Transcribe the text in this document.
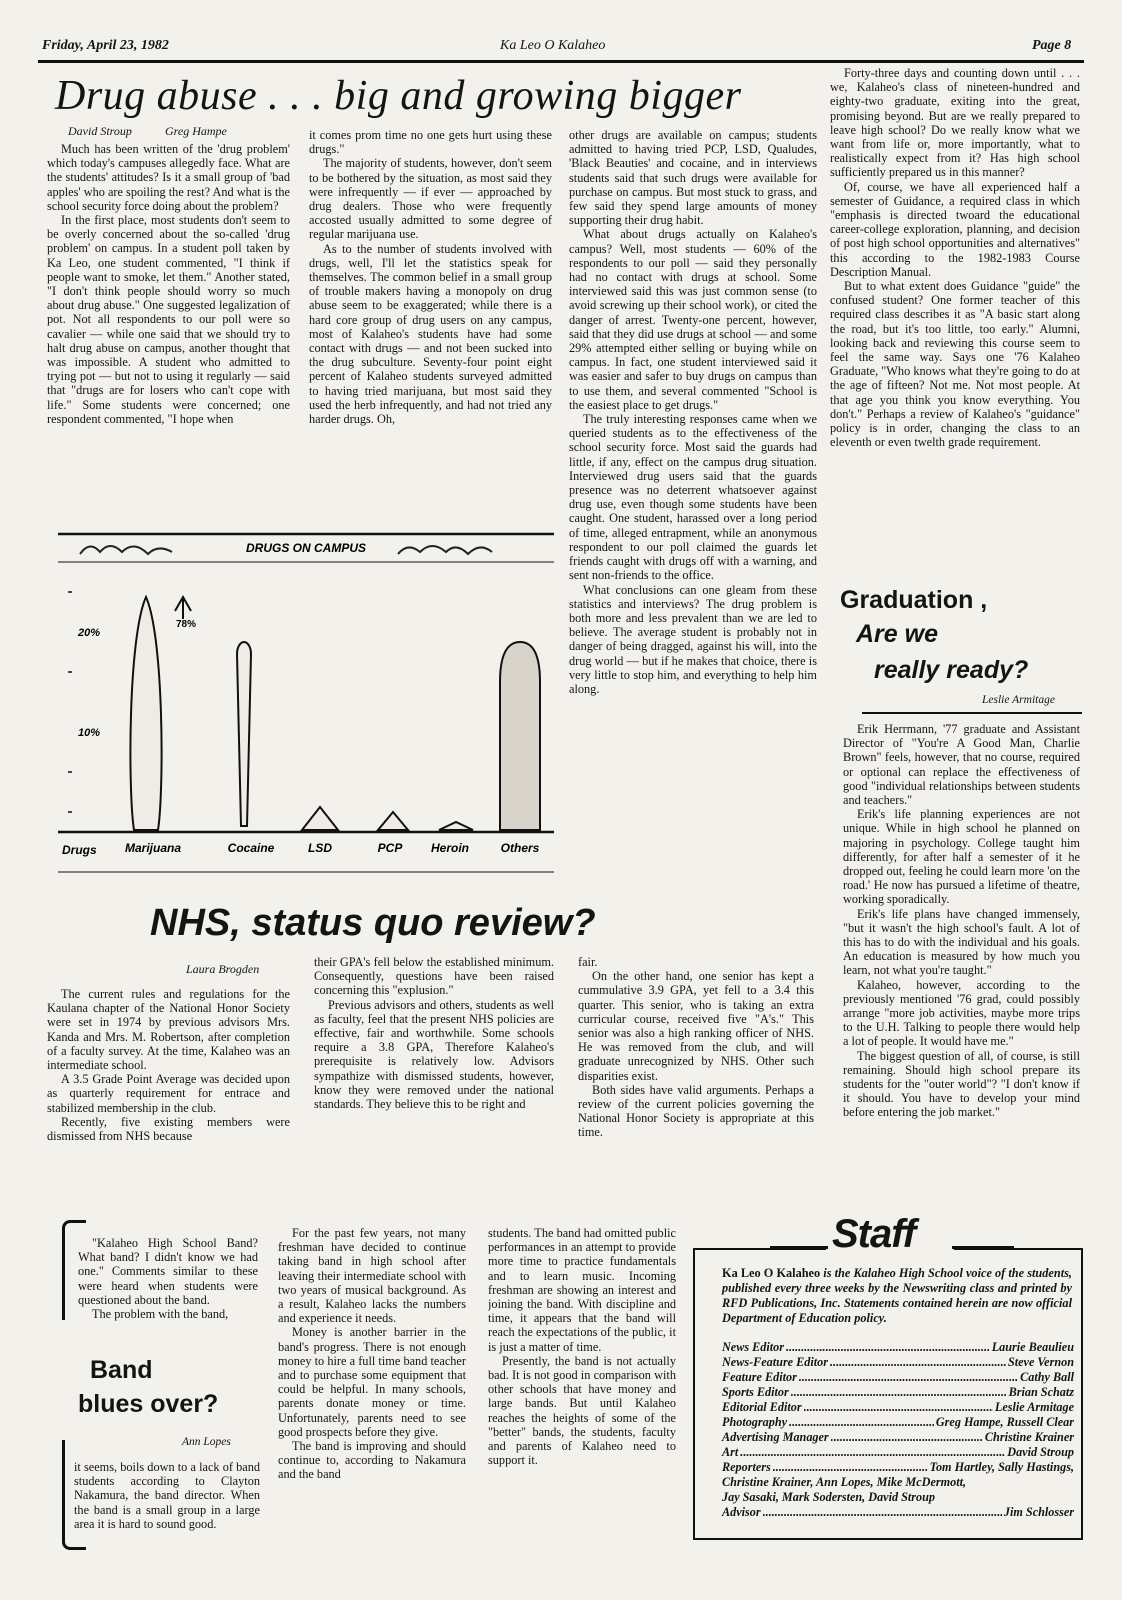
Friday, April 23, 1982	Ka Leo O Kalaheo	Page 8
Drug abuse . . . big and growing bigger
David Stroup	Greg Hampe

Much has been written of the 'drug problem' which today's campuses allegedly face. What are the students' attitudes? Is it a small group of 'bad apples' who are spoiling the rest? And what is the school security force doing about the problem?

In the first place, most students don't seem to be overly concerned about the so-called 'drug problem' on campus. In a student poll taken by Ka Leo, one student commented, "I think if people want to smoke, let them." Another stated, "I don't think people should worry so much about drug abuse." One suggested legalization of pot. Not all respondents to our poll were so cavalier — while one said that we should try to halt drug abuse on campus, another thought that was impossible. A student who admitted to trying pot — but not to using it regularly — said that "drugs are for losers who can't cope with life." Some students were concerned; one respondent commented, "I hope when

it comes prom time no one gets hurt using these drugs."

The majority of students, however, don't seem to be bothered by the situation, as most said they were infrequently — if ever — approached by drug dealers. Those who were frequently accosted usually admitted to some degree of regular marijuana use.

As to the number of students involved with drugs, well, I'll let the statistics speak for themselves. The common belief in a small group of trouble makers having a monopoly on drug abuse seem to be exaggerated; while there is a hard core group of drug users on any campus, most of Kalaheo's students have had some contact with drugs — and not been sucked into the drug subculture. Seventy-four point eight percent of Kalaheo students surveyed admitted to having tried marijuana, but most said they used the herb infrequently, and had not tried any harder drugs. Oh,

other drugs are available on campus; students admitted to having tried PCP, LSD, Qualudes, 'Black Beauties' and cocaine, and in interviews students said that such drugs were available for purchase on campus. But most stuck to grass, and few said they spend large amounts of money supporting their drug habit.

What about drugs actually on Kalaheo's campus? Well, most students — 60% of the respondents to our poll — said they personally had no contact with drugs at school. Some interviewed said this was just common sense (to avoid screwing up their school work), or cited the danger of arrest. Twenty-one percent, however, said that they did use drugs at school — and some 29% attempted either selling or buying while on campus. In fact, one student interviewed said it was easier and safer to buy drugs on campus than to use them, and several commented "School is the easiest place to get drugs."

The truly interesting responses came when we queried students as to the effectiveness of the school security force. Most said the guards had little, if any, effect on the campus drug situation. Interviewed drug users said that the guards presence was no deterrent whatsoever against drug use, even though some students have been caught. One student, harassed over a long period of time, alleged entrapment, while an anonymous respondent to our poll claimed the guards let friends caught with drugs off with a warning, and sent non-friends to the office.

What conclusions can one gleam from these statistics and interviews? The drug problem is both more and less prevalent than we are led to believe. The average student is probably not in danger of being dragged, against his will, into the drug world — but if he makes that choice, there is very little to stop him, and everything to help him along.

DRUGS ON CAMPUS
20%
10%
78%
Drugs Marijuana	Cocaine	LSD	PCP Heroin	Others

Forty-three days and counting down until . . . we, Kalaheo's class of nineteen-hundred and eighty-two graduate, exiting into the great, promising beyond. But are we really prepared to leave high school? Do we really know what we want from life or, more importantly, what to realistically expect from it? Has high school sufficiently prepared us in this manner?

Of, course, we have all experienced half a semester of Guidance, a required class in which "emphasis is directed twoard the educational career-college exploration, planning, and decision of post high school opportunities and alternatives" this according to the 1982-1983 Course Description Manual.

But to what extent does Guidance "guide" the confused student? One former teacher of this required class describes it as "A basic start along the road, but it's too little, too early." Alumni, looking back and reviewing this course seem to feel the same way. Says one '76 Kalaheo Graduate, "Who knows what they're going to do at the age of fifteen? Not me. Not most people. At that age you think you know everything. You don't." Perhaps a review of Kalaheo's "guidance" policy is in order, changing the class to an eleventh or even twelth grade requirement.

Graduation ,
Are we
really ready?
Leslie Armitage

Erik Herrmann, '77 graduate and Assistant Director of "You're A Good Man, Charlie Brown" feels, however, that no course, required or optional can replace the effectiveness of good "individual relationships between students and teachers."

Erik's life planning experiences are not unique. While in high school he planned on majoring in psychology. College taught him differently, for after half a semester of it he dropped out, feeling he could learn more 'on the road.' He now has pursued a lifetime of theatre, working sporadically.

Erik's life plans have changed immensely, "but it wasn't the high school's fault. A lot of this has to do with the individual and his goals. An education is measured by how much you learn, not what you're taught."

Kalaheo, however, according to the previously mentioned '76 grad, could possibly arrange "more job activities, maybe more trips to the U.H. Talking to people there would help a lot of people. It would have me."

The biggest question of all, of course, is still remaining. Should high school prepare its students for the "outer world"? "I don't know if it should. You have to develop your mind before entering the job market."

NHS, status quo review?
Laura Brogden

The current rules and regulations for the Kaulana chapter of the National Honor Society were set in 1974 by previous advisors Mrs. Kanda and Mrs. M. Robertson, after completion of a faculty survey. At the time, Kalaheo was an intermediate school.

A 3.5 Grade Point Average was decided upon as quarterly requirement for entrace and stabilized membership in the club.

Recently, five existing members were dismissed from NHS because

their GPA's fell below the established minimum. Consequently, questions have been raised concerning this "explusion."

Previous advisors and others, students as well as faculty, feel that the present NHS policies are effective, fair and worthwhile. Some schools require a 3.8 GPA, Therefore Kalaheo's prerequisite is relatively low. Advisors sympathize with dismissed students, however, know they were removed under the national standards. They believe this to be right and

fair.

On the other hand, one senior has kept a cummulative 3.9 GPA, yet fell to a 3.4 this quarter. This senior, who is taking an extra curricular course, received five "A's." This senior was also a high ranking officer of NHS. He was removed from the club, and will graduate unrecognized by NHS. Other such disparities exist.

Both sides have valid arguments. Perhaps a review of the current policies governing the National Honor Society is appropriate at this time.

"Kalaheo High School Band? What band? I didn't know we had one." Comments similar to these were heard when students were questioned about the band.

The problem with the band,

Band
blues over?
Ann Lopes

it seems, boils down to a lack of band students according to Clayton Nakamura, the band director. When the band is a small group in a large area it is hard to sound good.

For the past few years, not many freshman have decided to continue taking band in high school after leaving their intermediate school with two years of musical background. As a result, Kalaheo lacks the numbers and experience it needs.

Money is another barrier in the band's progress. There is not enough money to hire a full time band teacher and to purchase some equipment that could be helpful. In many schools, parents donate money or time. Unfortunately, parents need to see good prospects before they give.

The band is improving and should continue to, according to Nakamura and the band

students. The band had omitted public performances in an attempt to provide more time to practice fundamentals and to learn music. Incoming freshman are showing an interest and joining the band. With discipline and time, it appears that the band will reach the expectations of the public, it is just a matter of time.

Presently, the band is not actually bad. It is not good in comparison with other schools that have money and large bands. But until Kalaheo reaches the heights of some of the "better" bands, the students, faculty and parents of Kalaheo need to support it.

Staff
Ka Leo O Kalaheo is the Kalaheo High School voice of the students, published every three weeks by the Newswriting class and printed by RFD Publications, Inc. Statements contained herein are now official Department of Education policy.
News Editor .....	Laurie Beaulieu
News-Feature Editor .....	Steve Vernon
Feature Editor .....	Cathy Ball
Sports Editor .....	Brian Schatz
Editorial Editor .....	Leslie Armitage
Photography .....	Greg Hampe, Russell Clear
Advertising Manager .....	Christine Krainer
Art .....	David Stroup
Reporters .....	Tom Hartley, Sally Hastings,
Christine Krainer, Ann Lopes, Mike McDermott,
Jay Sasaki, Mark Sodersten, David Stroup
Advisor .....	Jim Schlosser
